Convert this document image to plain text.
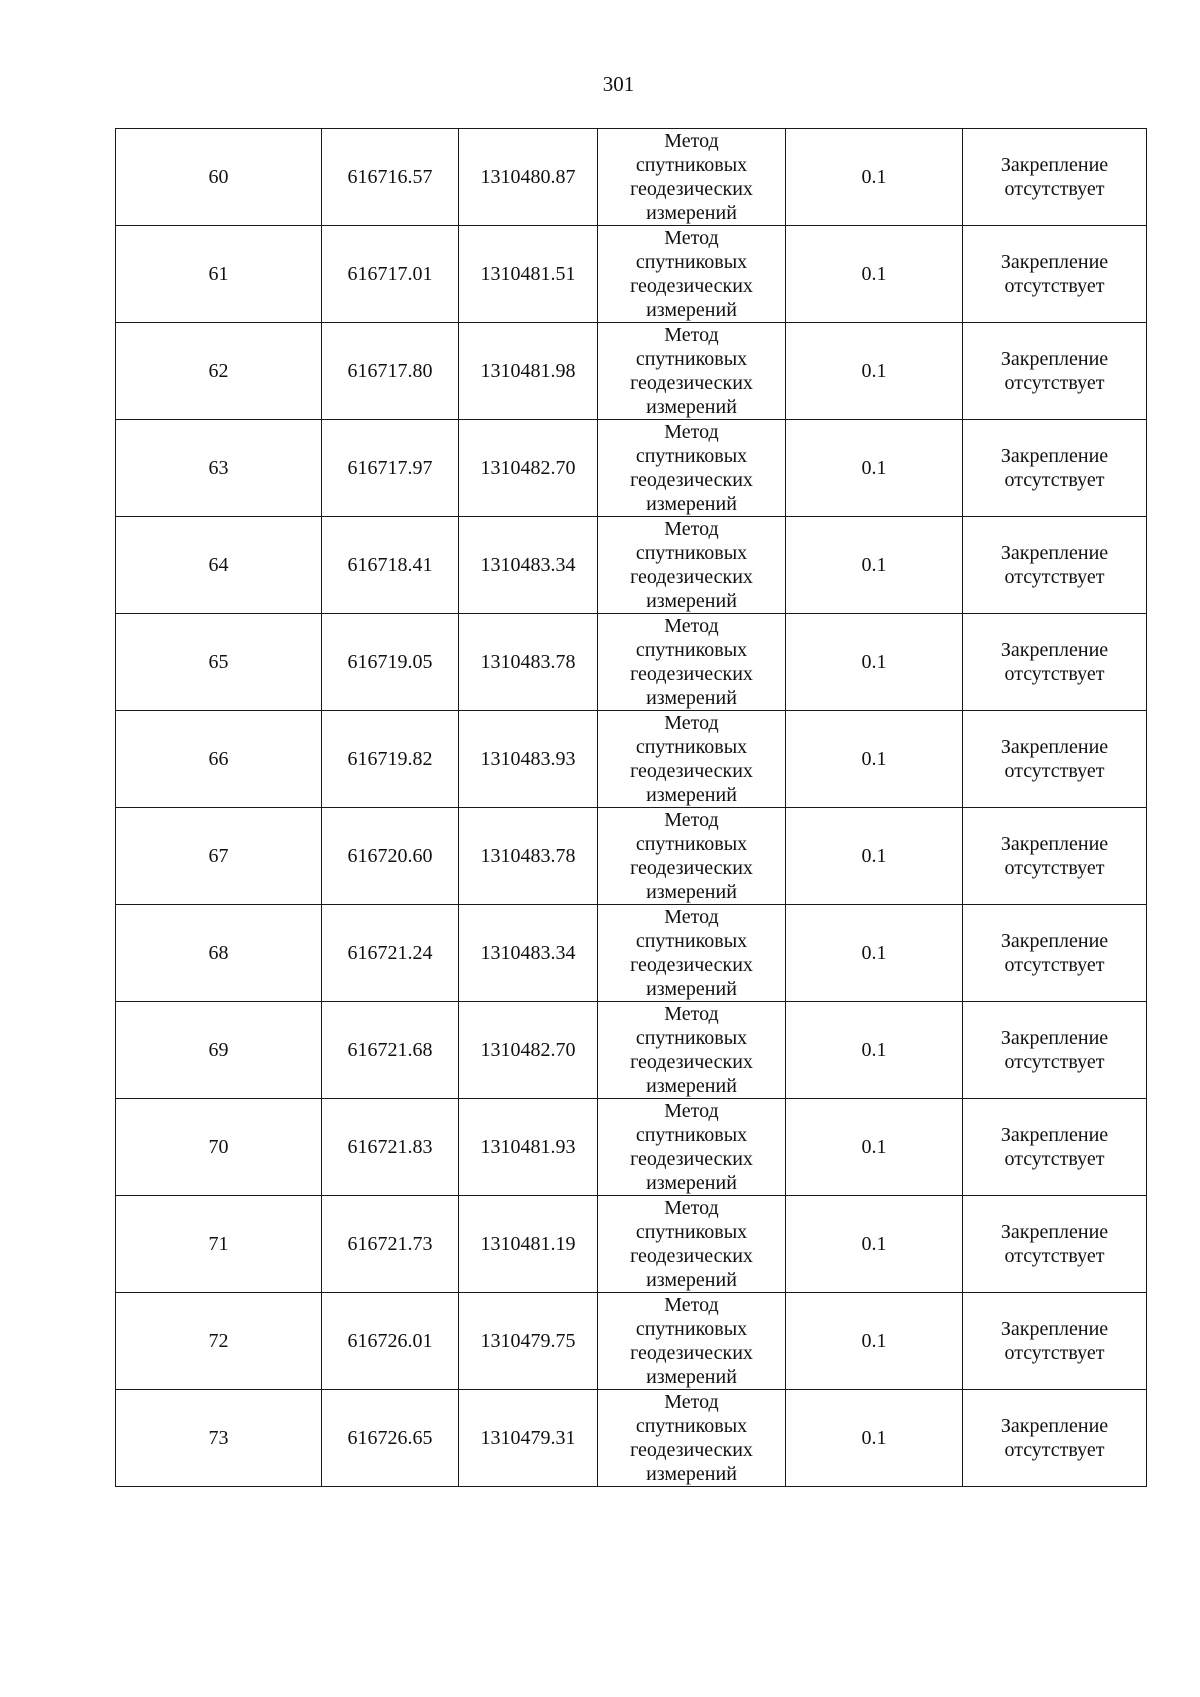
301
60	616716.57	1310480.87	Метод
спутниковых
геодезических
измерений	0.1	Закрепление
отсутствует

61	616717.01	1310481.51	Метод
спутниковых
геодезических
измерений	0.1	Закрепление
отсутствует

62	616717.80	1310481.98	Метод
спутниковых
геодезических
измерений	0.1	Закрепление
отсутствует

63	616717.97	1310482.70	Метод
спутниковых
геодезических
измерений	0.1	Закрепление
отсутствует

64	616718.41	1310483.34	Метод
спутниковых
геодезических
измерений	0.1	Закрепление
отсутствует

65	616719.05	1310483.78	Метод
спутниковых
геодезических
измерений	0.1	Закрепление
отсутствует

66	616719.82	1310483.93	Метод
спутниковых
геодезических
измерений	0.1	Закрепление
отсутствует

67	616720.60	1310483.78	Метод
спутниковых
геодезических
измерений	0.1	Закрепление
отсутствует

68	616721.24	1310483.34	Метод
спутниковых
геодезических
измерений	0.1	Закрепление
отсутствует

69	616721.68	1310482.70	Метод
спутниковых
геодезических
измерений	0.1	Закрепление
отсутствует

70	616721.83	1310481.93	Метод
спутниковых
геодезических
измерений	0.1	Закрепление
отсутствует

71	616721.73	1310481.19	Метод
спутниковых
геодезических
измерений	0.1	Закрепление
отсутствует

72	616726.01	1310479.75	Метод
спутниковых
геодезических
измерений	0.1	Закрепление
отсутствует

73	616726.65	1310479.31	Метод
спутниковых
геодезических
измерений	0.1	Закрепление
отсутствует
